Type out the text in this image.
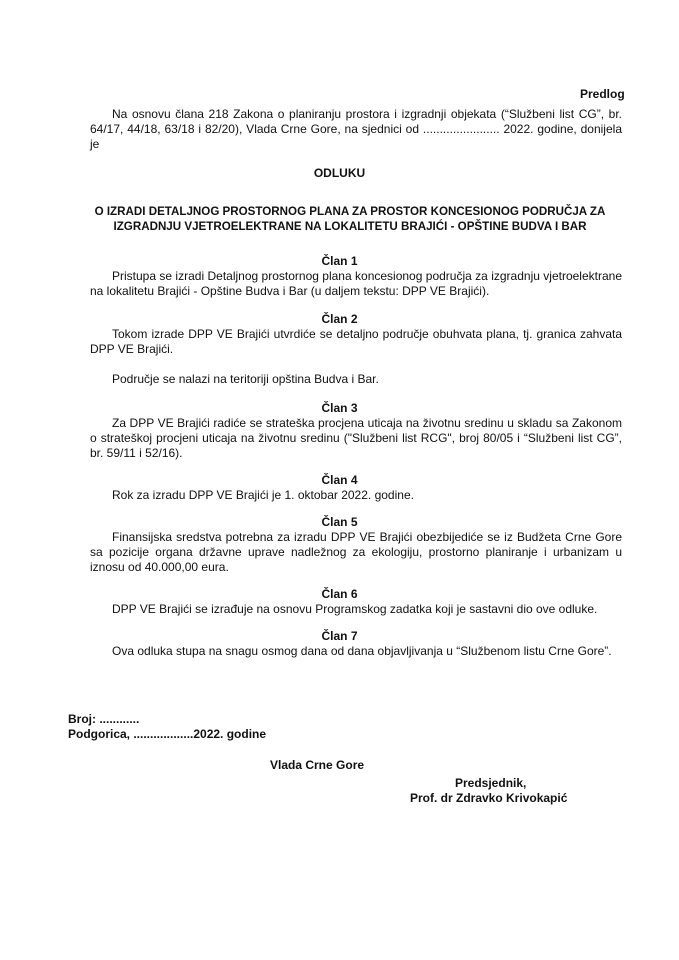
Predlog
Na osnovu člana 218 Zakona o planiranju prostora i izgradnji objekata (“Službeni list CG”, br. 64/17, 44/18, 63/18 i 82/20), Vlada Crne Gore, na sjednici od ....................... 2022. godine, donijela je
ODLUKU
O IZRADI DETALJNOG PROSTORNOG PLANA ZA PROSTOR KONCESIONOG PODRUČJA ZA
IZGRADNJU VJETROELEKTRANE NA LOKALITETU BRAJIĆI - OPŠTINE BUDVA I BAR
Član 1
Pristupa se izradi Detaljnog prostornog plana koncesionog područja za izgradnju vjetroelektrane na lokalitetu Brajići - Opštine Budva i Bar (u daljem tekstu: DPP VE Brajići).
Član 2
Tokom izrade DPP VE Brajići utvrdiće se detaljno područje obuhvata plana, tj. granica zahvata DPP VE Brajići.
Područje se nalazi na teritoriji opština Budva i Bar.
Član 3
Za DPP VE Brajići radiće se strateška procjena uticaja na životnu sredinu u skladu sa Zakonom o strateškoj procjeni uticaja na životnu sredinu ("Službeni list RCG", broj 80/05 i “Službeni list CG”, br. 59/11 i 52/16).
Član 4
Rok za izradu DPP VE Brajići je 1. oktobar 2022. godine.
Član 5
Finansijska sredstva potrebna za izradu DPP VE Brajići obezbijediće se iz Budžeta Crne Gore sa pozicije organa državne uprave nadležnog za ekologiju, prostorno planiranje i urbanizam u iznosu od 40.000,00 eura.
Član 6
DPP VE Brajići se izrađuje na osnovu Programskog zadatka koji je sastavni dio ove odluke.
Član 7
Ova odluka stupa na snagu osmog dana od dana objavljivanja u “Službenom listu Crne Gore”.
Broj: ............
Podgorica, ..................2022. godine
Vlada Crne Gore
Predsjednik,
Prof. dr Zdravko Krivokapić
